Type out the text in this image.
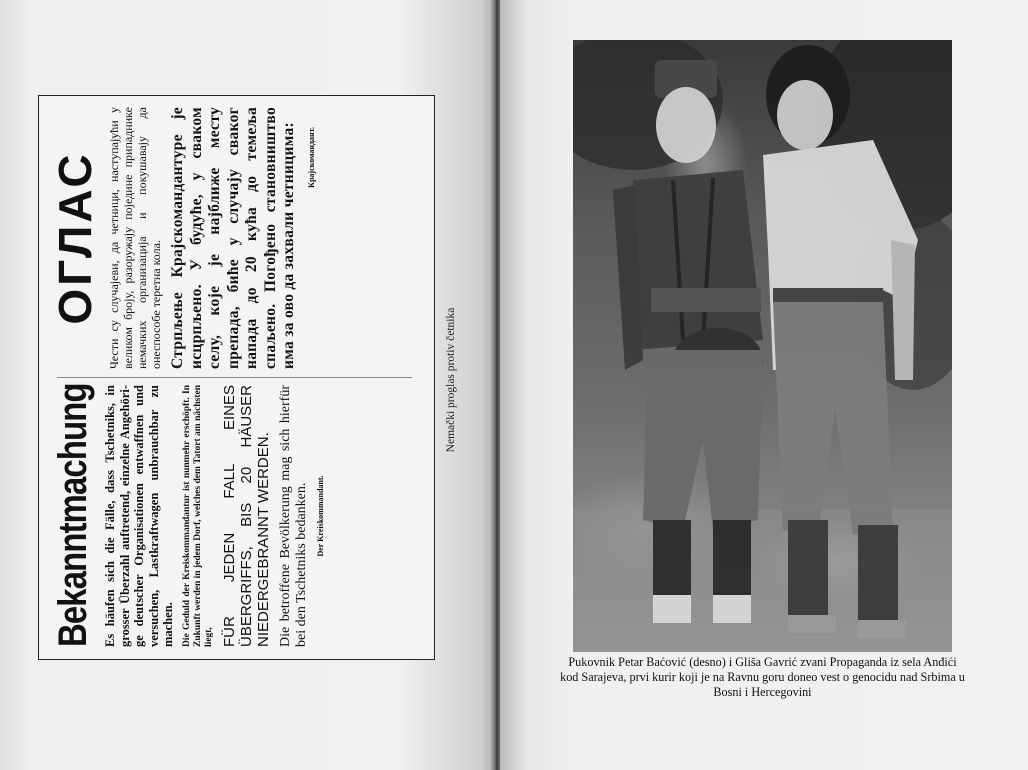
Bekanntmachung Es häufen sich die Fälle, dass Tschetniks, in grosser Überzahl auftretend, einzelne Angehörige deutscher Organisationen entwaffnen und versuchen, Lastkraftwagen unbrauchbar zu machen. Die Geduld der Kreiskommandantur ist nunmehr erschöpft. In Zukunft werden in jedem Dorf, welches dem Tatort am nächsten liegt, FÜR JEDEN FALL EINES ÜBERGRIFFS, BIS 20 HÄUSER NIEDERGEBRANNT WERDEN. Die betroffene Bevölkerung mag sich hierfür bei den Tschetniks bedanken. Der Kreiskommandant.
ОГЛАС Чести су случајеви, да четници, наступајући у великом броју, разоружају поједине припаднике немачких организација и покушавају да онеспособе теретна кола. Стрпљење Крајскомандантуре је исцрпљено. У будуће, у сваком селу, које је најближе месту препада, биће у случају сваког напада до 20 кућа до темеља спаљено. Погођено становништво има за ово да захвали четницима: Крајскомандант.
Nemački proglas protiv četnika
Pukovnik Petar Baćović (desno) i Gliša Gavrić zvani Propaganda iz sela Anđići kod Sarajeva, prvi kurir koji je na Ravnu goru doneo vest o genocidu nad Srbima u Bosni i Hercegovini
